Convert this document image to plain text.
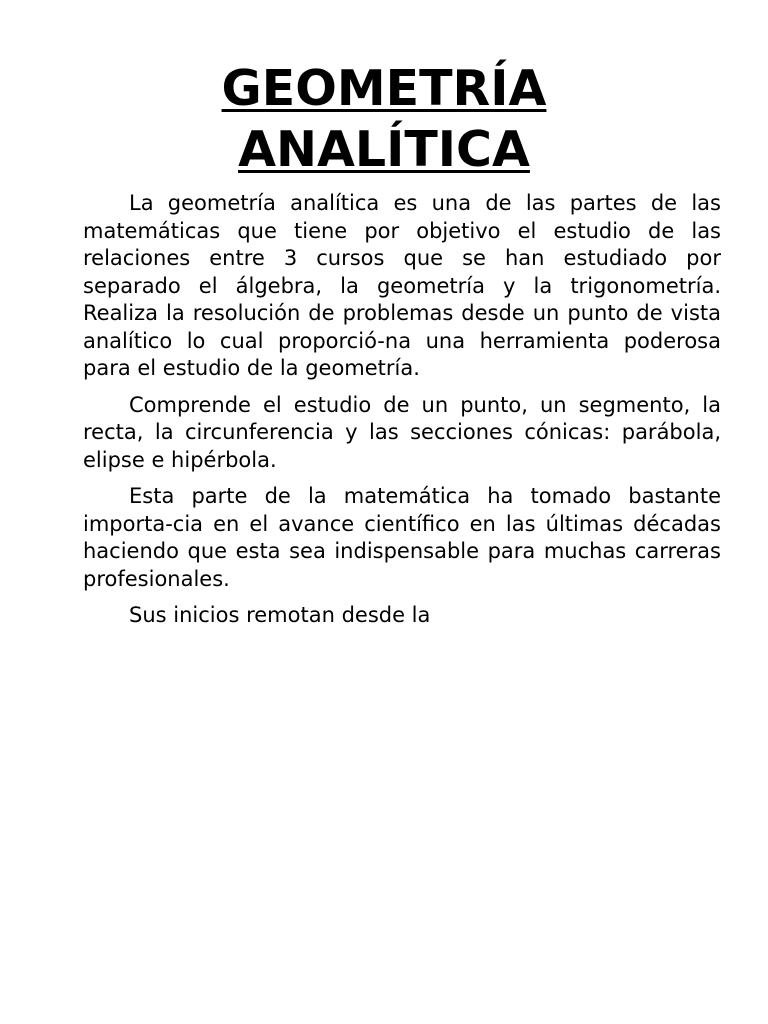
GEOMETRÍA
ANALÍTICA

La geometría analítica es una de las partes de las matemáticas que tiene por objetivo el estudio de las relaciones entre 3 cursos que se han estudiado por separado el álgebra, la geometría y la trigonometría. Realiza la resolución de problemas desde un punto de vista analítico lo cual proporció-na una herramienta poderosa para el estudio de la geometría.

Comprende el estudio de un punto, un segmento, la recta, la circunferencia y las secciones cónicas: parábola, elipse e hipérbola.

Esta parte de la matemática ha tomado bastante importa-cia en el avance científico en las últimas décadas haciendo que esta sea indispensable para muchas carreras profesionales.

Sus inicios remotan desde la
